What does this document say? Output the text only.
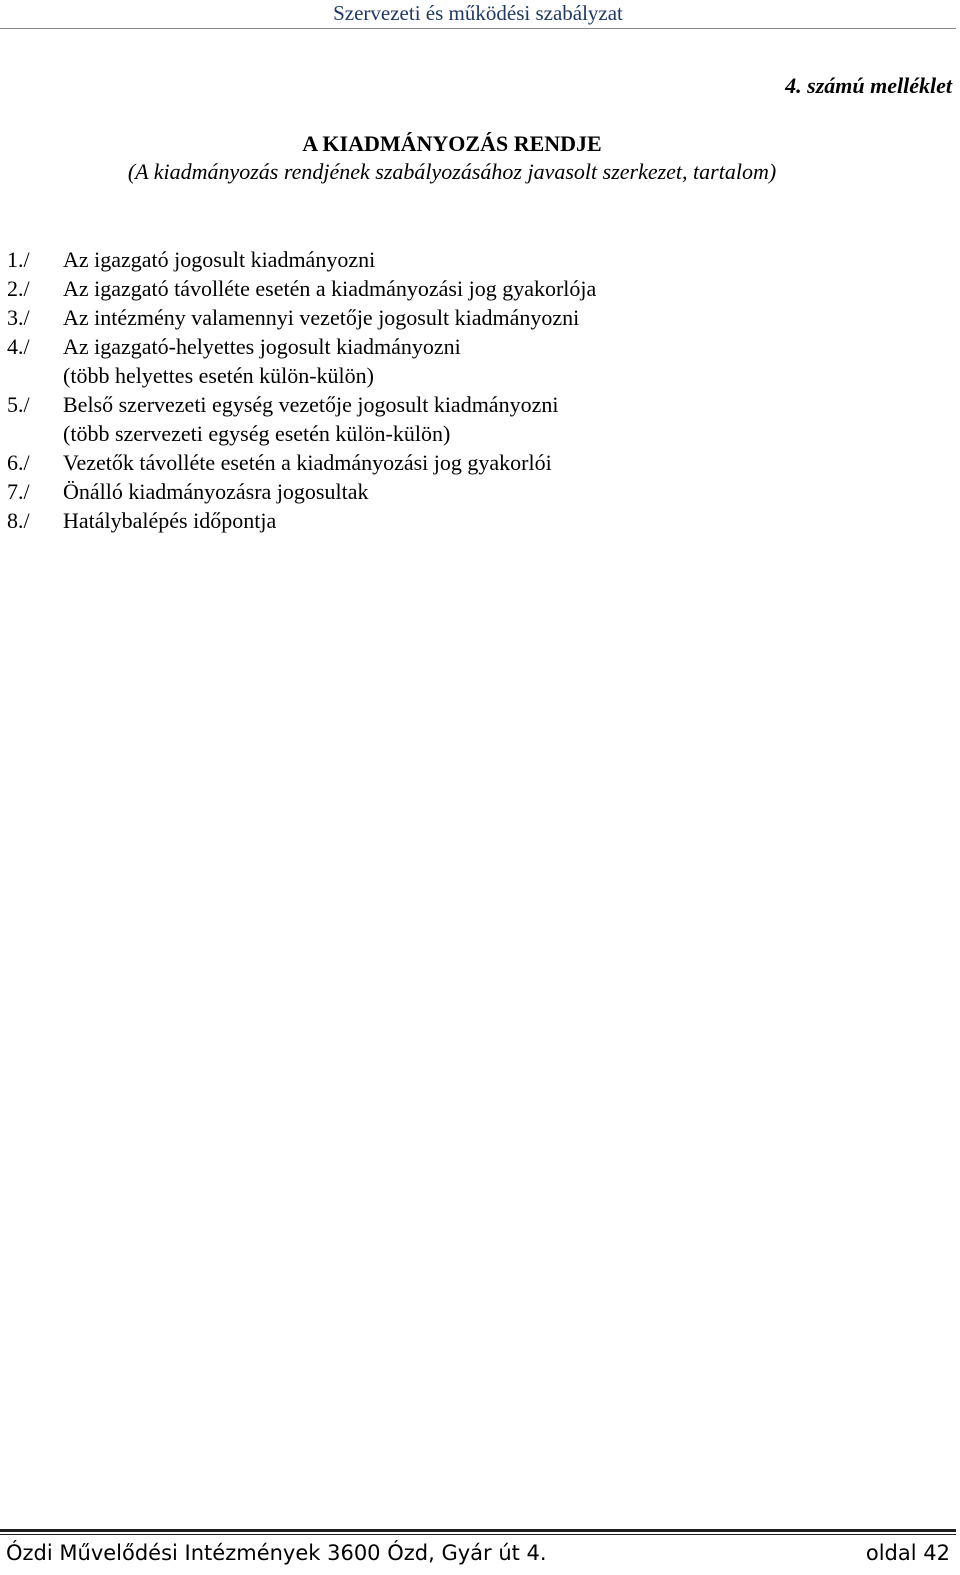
Szervezeti és működési szabályzat
4. számú melléklet
A KIADMÁNYOZÁS RENDJE
(A kiadmányozás rendjének szabályozásához javasolt szerkezet, tartalom)
1./	Az igazgató jogosult kiadmányozni
2./	Az igazgató távolléte esetén a kiadmányozási jog gyakorlója
3./	Az intézmény valamennyi vezetője jogosult kiadmányozni
4./	Az igazgató-helyettes jogosult kiadmányozni
(több helyettes esetén külön-külön)
5./	Belső szervezeti egység vezetője jogosult kiadmányozni
(több szervezeti egység esetén külön-külön)
6./	Vezetők távolléte esetén a kiadmányozási jog gyakorlói
7./	Önálló kiadmányozásra jogosultak
8./	Hatálybalépés időpontja
Ózdi Művelődési Intézmények 3600 Ózd, Gyár út 4.	oldal 42
